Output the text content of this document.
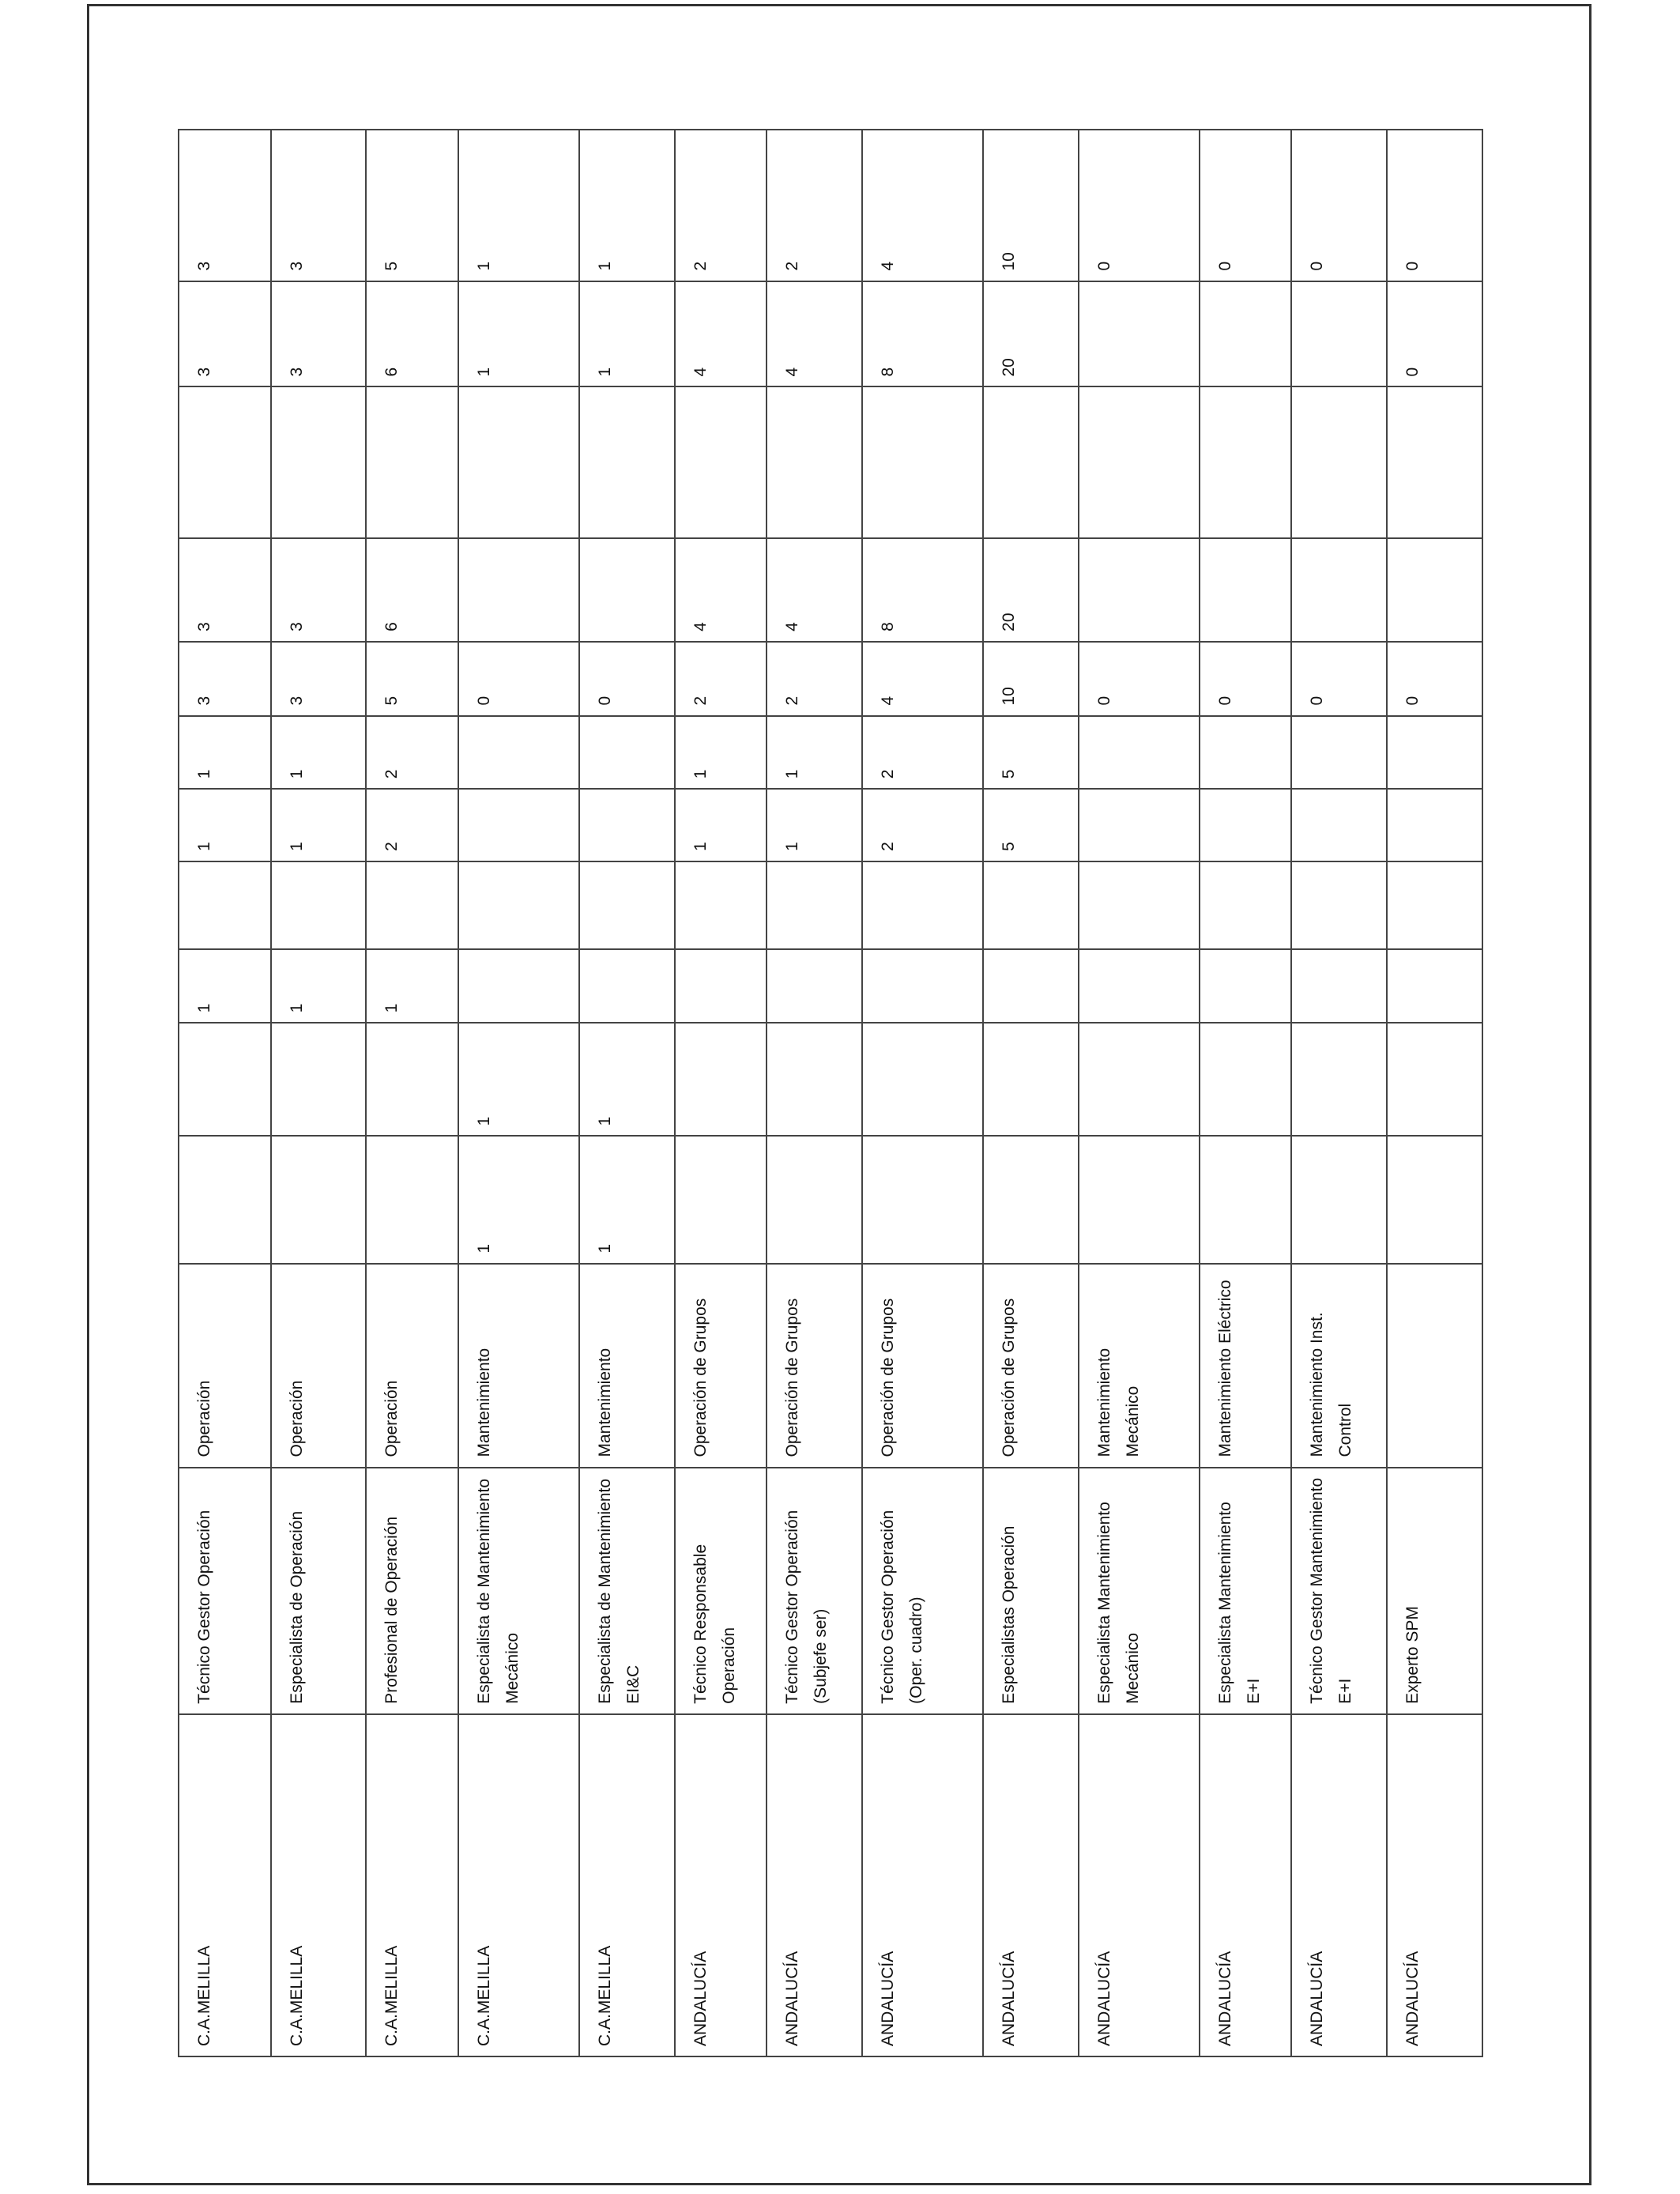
C.A.MELILLA	Técnico Gestor Operación	Operación			1		1	1	3	3		3	3
C.A.MELILLA	Especialista de Operación	Operación			1		1	1	3	3		3	3
C.A.MELILLA	Profesional de Operación	Operación			1		2	2	5	6		6	5
C.A.MELILLA	Especialista de Mantenimiento Mecánico	Mantenimiento	1	1					0			1	1
C.A.MELILLA	Especialista de Mantenimiento EI&C	Mantenimiento	1	1					0			1	1
ANDALUCÍA	Técnico Responsable Operación	Operación de Grupos					1	1	2	4		4	2
ANDALUCÍA	Técnico Gestor Operación (Subjefe ser)	Operación de Grupos					1	1	2	4		4	2
ANDALUCÍA	Técnico Gestor Operación (Oper. cuadro)	Operación de Grupos					2	2	4	8		8	4
ANDALUCÍA	Especialistas Operación	Operación de Grupos					5	5	10	20		20	10
ANDALUCÍA	Especialista Mantenimiento Mecánico	Mantenimiento Mecánico							0				0
ANDALUCÍA	Especialista Mantenimiento E+I	Mantenimiento Eléctrico							0				0
ANDALUCÍA	Técnico Gestor Mantenimiento E+I	Mantenimiento Inst. Control							0				0
ANDALUCÍA	Experto SPM								0			0	0
